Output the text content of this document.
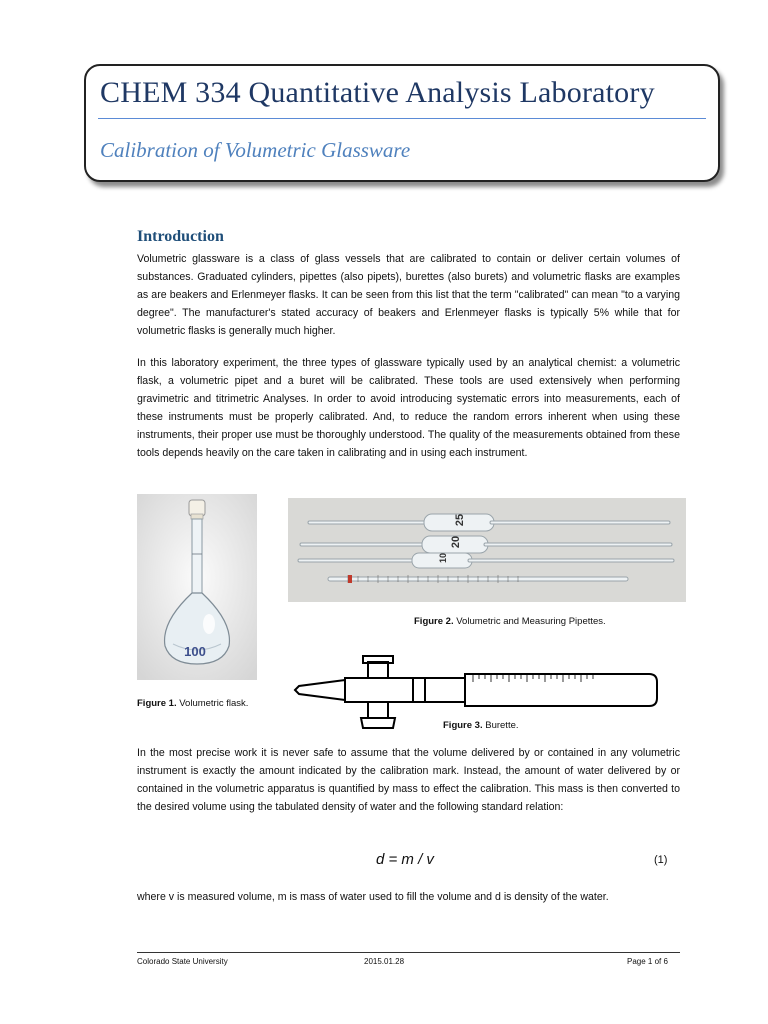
CHEM 334 Quantitative Analysis Laboratory
Calibration of Volumetric Glassware
Introduction

Volumetric glassware is a class of glass vessels that are calibrated to contain or deliver certain volumes of substances. Graduated cylinders, pipettes (also pipets), burettes (also burets) and volumetric flasks are examples as are beakers and Erlenmeyer flasks. It can be seen from this list that the term "calibrated" can mean "to a varying degree". The manufacturer's stated accuracy of beakers and Erlenmeyer flasks is typically 5% while that for volumetric flasks is generally much higher.

In this laboratory experiment, the three types of glassware typically used by an analytical chemist: a volumetric flask, a volumetric pipet and a buret will be calibrated. These tools are used extensively when performing gravimetric and titrimetric Analyses. In order to avoid introducing systematic errors into measurements, each of these instruments must be properly calibrated. And, to reduce the random errors inherent when using these instruments, their proper use must be thoroughly understood. The quality of the measurements obtained from these tools depends heavily on the care taken in calibrating and in using each instrument.

100
25
20
10
Figure 2. Volumetric and Measuring Pipettes.
Figure 1. Volumetric flask.
Figure 3. Burette.

In the most precise work it is never safe to assume that the volume delivered by or contained in any volumetric instrument is exactly the amount indicated by the calibration mark. Instead, the amount of water delivered by or contained in the volumetric apparatus is quantified by mass to effect the calibration. This mass is then converted to the desired volume using the tabulated density of water and the following standard relation:

d = m / v	(1)

where v is measured volume, m is mass of water used to fill the volume and d is density of the water.

Colorado State University	2015.01.28	Page 1 of 6
